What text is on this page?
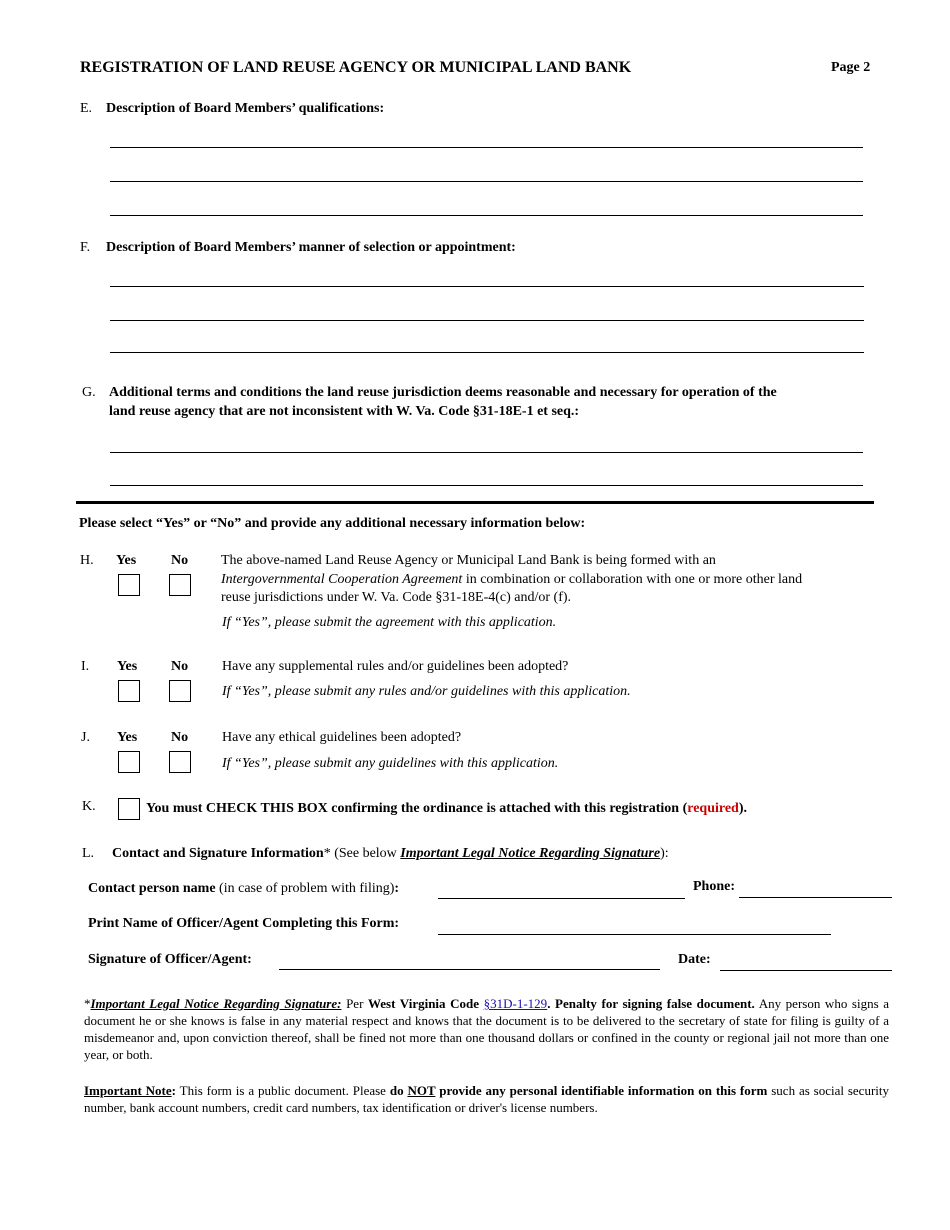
REGISTRATION OF LAND REUSE AGENCY OR MUNICIPAL LAND BANK	Page 2
E. Description of Board Members’ qualifications:
F. Description of Board Members’ manner of selection or appointment:
G. Additional terms and conditions the land reuse jurisdiction deems reasonable and necessary for operation of the
land reuse agency that are not inconsistent with W. Va. Code §31-18E-1 et seq.:
Please select “Yes” or “No” and provide any additional necessary information below:
H. Yes No The above-named Land Reuse Agency or Municipal Land Bank is being formed with an
Intergovernmental Cooperation Agreement in combination or collaboration with one or more other land
reuse jurisdictions under W. Va. Code §31-18E-4(c) and/or (f).
If “Yes”, please submit the agreement with this application.
I. Yes No Have any supplemental rules and/or guidelines been adopted?
If “Yes”, please submit any rules and/or guidelines with this application.
J. Yes No Have any ethical guidelines been adopted?
If “Yes”, please submit any guidelines with this application.
K.	You must CHECK THIS BOX confirming the ordinance is attached with this registration (required).
L. Contact and Signature Information* (See below Important Legal Notice Regarding Signature):
Contact person name (in case of problem with filing):	Phone:
Print Name of Officer/Agent Completing this Form:
Signature of Officer/Agent:	Date:
*Important Legal Notice Regarding Signature: Per West Virginia Code §31D-1-129. Penalty for signing false document. Any person who signs a document he or she knows is false in any material respect and knows that the document is to be delivered to the secretary of state for filing is guilty of a misdemeanor and, upon conviction thereof, shall be fined not more than one thousand dollars or confined in the county or regional jail not more than one year, or both.
Important Note: This form is a public document. Please do NOT provide any personal identifiable information on this form such as social security number, bank account numbers, credit card numbers, tax identification or driver's license numbers.
